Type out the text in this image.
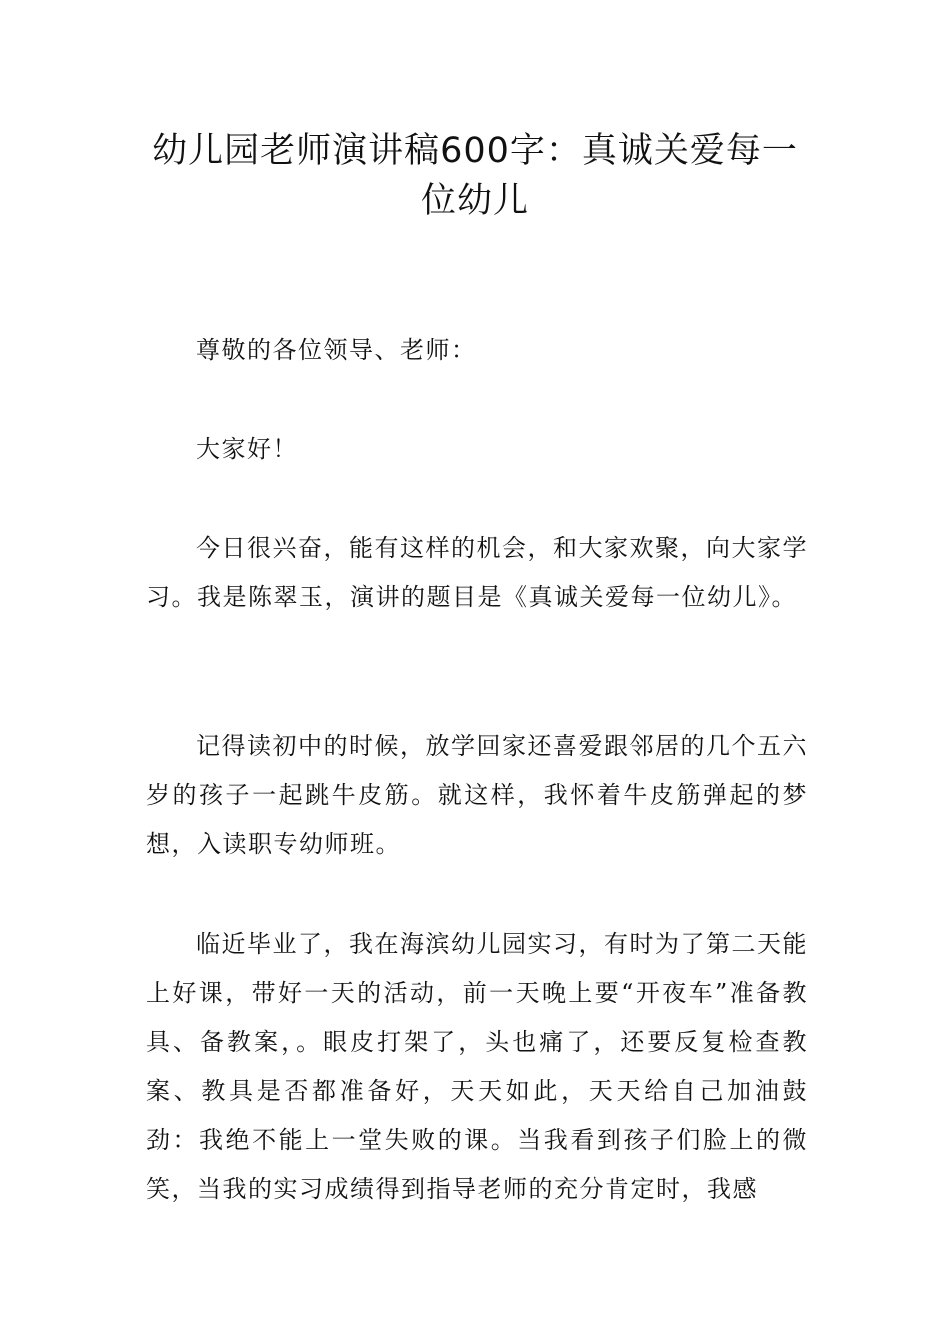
幼儿园老师演讲稿600字：真诚关爱每一位幼儿

尊敬的各位领导、老师：

大家好！

今日很兴奋，能有这样的机会，和大家欢聚，向大家学习。我是陈翠玉，演讲的题目是《真诚关爱每一位幼儿》。

记得读初中的时候，放学回家还喜爱跟邻居的几个五六岁的孩子一起跳牛皮筋。就这样，我怀着牛皮筋弹起的梦想，入读职专幼师班。

临近毕业了，我在海滨幼儿园实习，有时为了第二天能上好课，带好一天的活动，前一天晚上要“开夜车”准备教具、备教案，。眼皮打架了，头也痛了，还要反复检查教案、教具是否都准备好，天天如此，天天给自己加油鼓劲：我绝不能上一堂失败的课。当我看到孩子们脸上的微笑，当我的实习成绩得到指导老师的充分肯定时，我感
